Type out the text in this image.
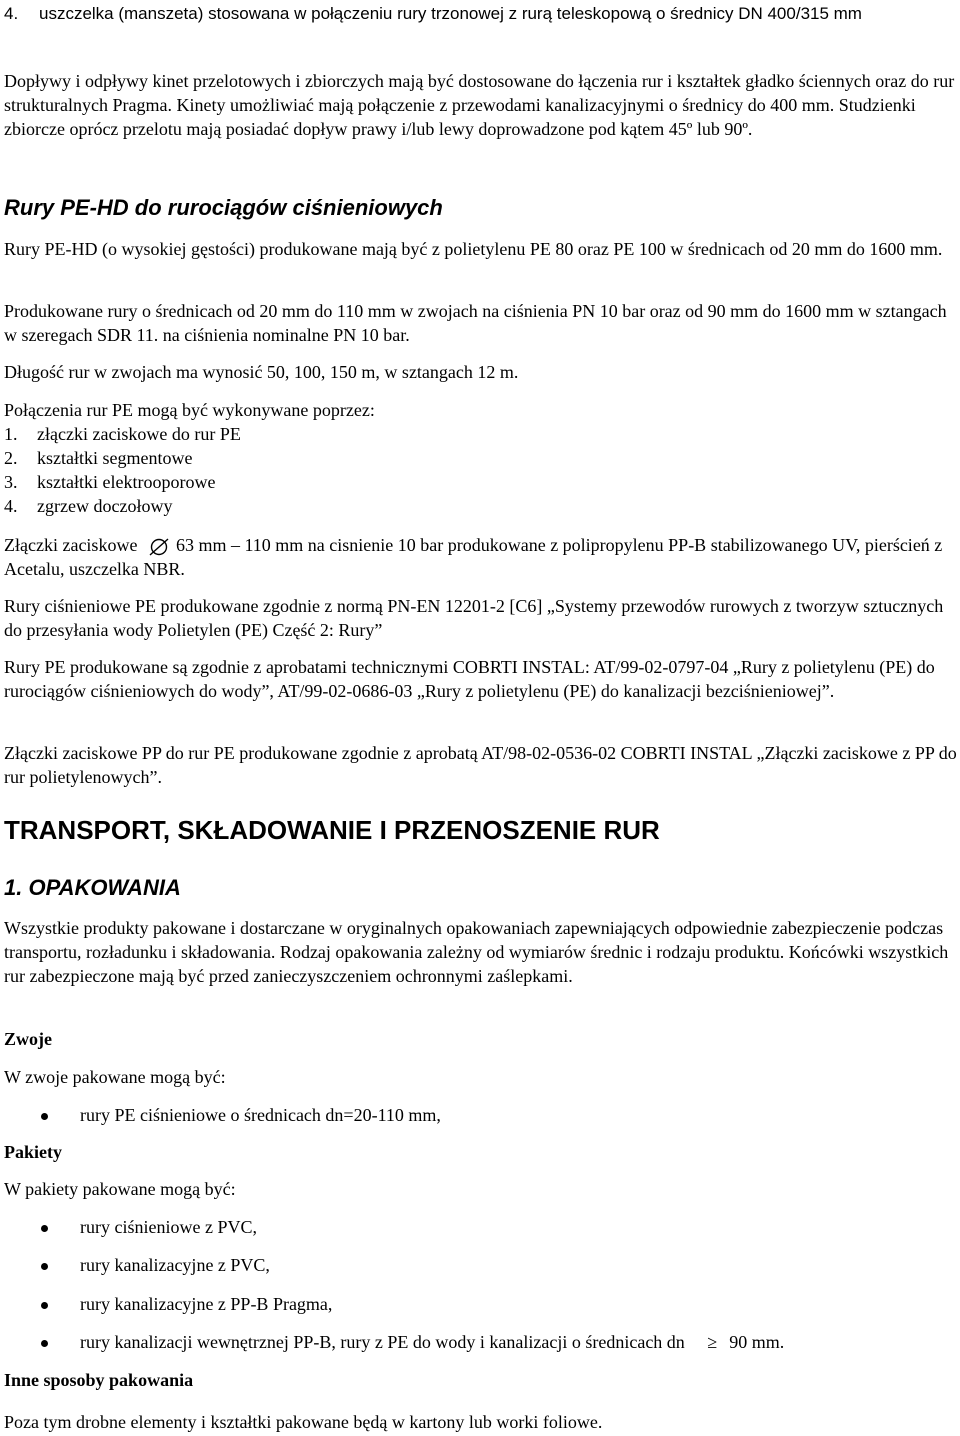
4.	uszczelka (manszeta) stosowana w połączeniu rury trzonowej z rurą teleskopową o średnicy DN 400/315 mm

Dopływy i odpływy kinet przelotowych i zbiorczych mają być dostosowane do łączenia rur i kształtek gładko ściennych oraz do rur strukturalnych Pragma. Kinety umożliwiać mają połączenie z przewodami kanalizacyjnymi o średnicy do 400 mm. Studzienki zbiorcze oprócz przelotu mają posiadać dopływ prawy i/lub lewy doprowadzone pod kątem 45º lub 90º.

Rury PE-HD do rurociągów ciśnieniowych

Rury PE-HD (o wysokiej gęstości) produkowane mają być z polietylenu PE 80 oraz PE 100 w średnicach od 20 mm do 1600 mm.

Produkowane rury o średnicach od 20 mm do 110 mm w zwojach na ciśnienia PN 10 bar oraz od 90 mm do 1600 mm w sztangach w szeregach SDR 11. na ciśnienia nominalne PN 10 bar.

Długość rur w zwojach ma wynosić 50, 100, 150 m, w sztangach 12 m.

Połączenia rur PE mogą być wykonywane poprzez:

1. złączki zaciskowe do rur PE
2. kształtki segmentowe
3. kształtki elektrooporowe
4. zgrzew doczołowy

Złączki zaciskowe 63 mm – 110 mm na cisnienie 10 bar produkowane z polipropylenu PP-B stabilizowanego UV, pierścień z Acetalu, uszczelka NBR.

Rury ciśnieniowe PE produkowane zgodnie z normą PN-EN 12201-2 [C6] „Systemy przewodów rurowych z tworzyw sztucznych do przesyłania wody Polietylen (PE) Część 2: Rury”

Rury PE produkowane są zgodnie z aprobatami technicznymi COBRTI INSTAL: AT/99-02-0797-04 „Rury z polietylenu (PE) do rurociągów ciśnieniowych do wody”, AT/99-02-0686-03 „Rury z polietylenu (PE) do kanalizacji bezciśnieniowej”.

Złączki zaciskowe PP do rur PE produkowane zgodnie z aprobatą AT/98-02-0536-02 COBRTI INSTAL „Złączki zaciskowe z PP do rur polietylenowych”.

TRANSPORT, SKŁADOWANIE I PRZENOSZENIE RUR
1. OPAKOWANIA

Wszystkie produkty pakowane i dostarczane w oryginalnych opakowaniach zapewniających odpowiednie zabezpieczenie podczas transportu, rozładunku i składowania. Rodzaj opakowania zależny od wymiarów średnic i rodzaju produktu. Końcówki wszystkich rur zabezpieczone mają być przed zanieczyszczeniem ochronnymi zaślepkami.

Zwoje

W zwoje pakowane mogą być:

rury PE ciśnieniowe o średnicach dn=20-110 mm,
Pakiety

W pakiety pakowane mogą być:

rury ciśnieniowe z PVC,
rury kanalizacyjne z PVC,
rury kanalizacyjne z PP-B Pragma,
rury kanalizacji wewnętrznej PP-B, rury z PE do wody i kanalizacji o średnicach dn ≥ 90 mm.
Inne sposoby pakowania

Poza tym drobne elementy i kształtki pakowane będą w kartony lub worki foliowe.
